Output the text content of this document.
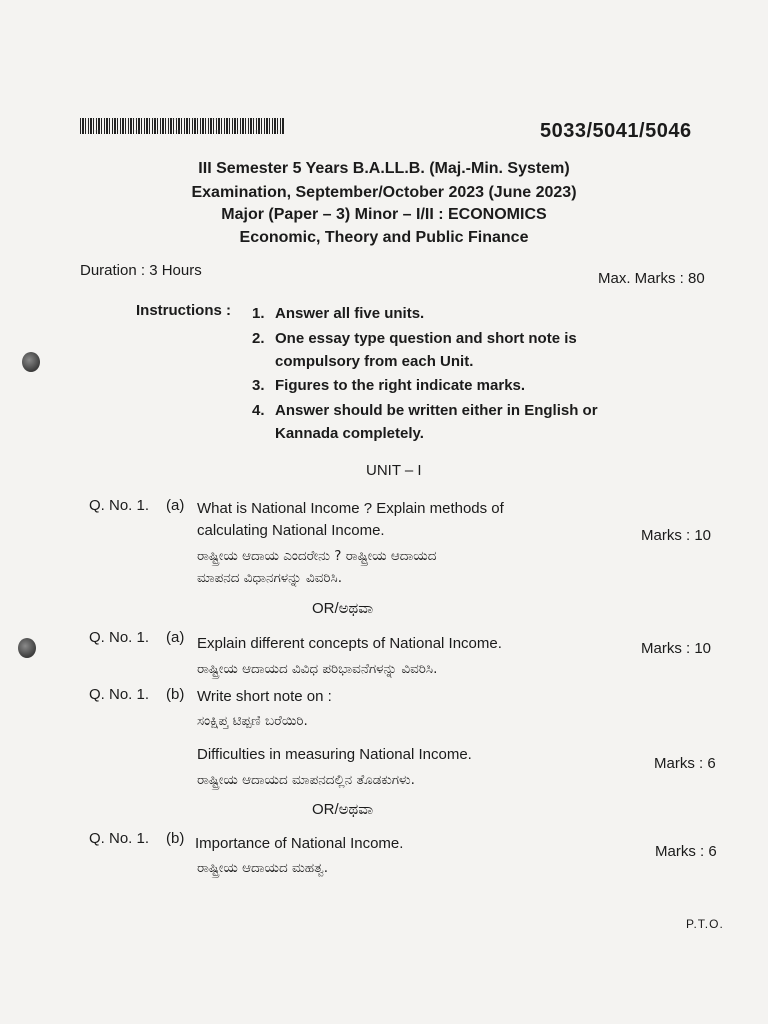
5033/5041/5046
III Semester 5 Years B.A.LL.B. (Maj.-Min. System)
Examination, September/October 2023 (June 2023)
Major (Paper – 3) Minor – I/II : ECONOMICS
Economic, Theory and Public Finance
Duration : 3 Hours	Max. Marks : 80
Instructions : 1. Answer all five units.
2. One essay type question and short note is
compulsory from each Unit.
3. Figures to the right indicate marks.
4. Answer should be written either in English or
Kannada completely.
UNIT – I
Q. No. 1. (a) What is National Income ? Explain methods of
calculating National Income.	Marks : 10
ರಾಷ್ಟ್ರೀಯ ಆದಾಯ ಎಂದರೇನು ? ರಾಷ್ಟ್ರೀಯ ಆದಾಯದ
ಮಾಪನದ ವಿಧಾನಗಳನ್ನು ವಿವರಿಸಿ.
OR/ಅಥವಾ
Q. No. 1. (a) Explain different concepts of National Income.	Marks : 10
ರಾಷ್ಟ್ರೀಯ ಆದಾಯದ ವಿವಿಧ ಪರಿಭಾವನೆಗಳನ್ನು ವಿವರಿಸಿ.
Q. No. 1. (b) Write short note on :
ಸಂಕ್ಷಿಪ್ತ ಟಿಪ್ಪಣಿ ಬರೆಯಿರಿ.
Difficulties in measuring National Income.
Marks : 6
ರಾಷ್ಟ್ರೀಯ ಆದಾಯದ ಮಾಪನದಲ್ಲಿನ ತೊಡಕುಗಳು.
OR/ಅಥವಾ
Q. No. 1. (b) Importance of National Income.	Marks : 6
ರಾಷ್ಟ್ರೀಯ ಆದಾಯದ ಮಹತ್ವ.
P.T.O.
